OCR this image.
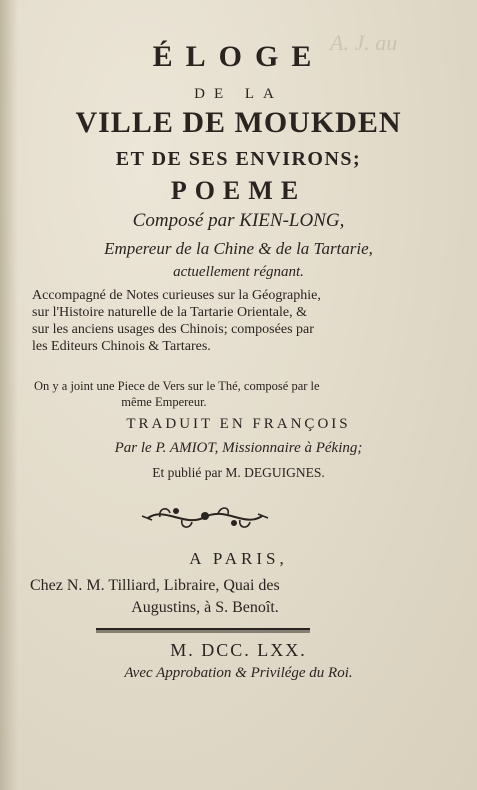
A. J. au
ÉLOGE
DE LA
VILLE DE MOUKDEN
ET DE SES ENVIRONS;
POEME
Composé par KIEN-LONG,
Empereur de la Chine & de la Tartarie,
actuellement régnant.
Accompagné de Notes curieuses sur la Géographie,
sur l'Histoire naturelle de la Tartarie Orientale, &
sur les anciens usages des Chinois; composées par
les Editeurs Chinois & Tartares.
On y a joint une Piece de Vers sur le Thé, composé par le
même Empereur.
TRADUIT EN FRANÇOIS
Par le P. AMIOT, Missionnaire à Péking;
Et publié par M. DEGUIGNES.
A PARIS,
Chez N. M. Tilliard, Libraire, Quai des
Augustins, à S. Benoît.
M. DCC. LXX.
Avec Approbation & Privilége du Roi.
